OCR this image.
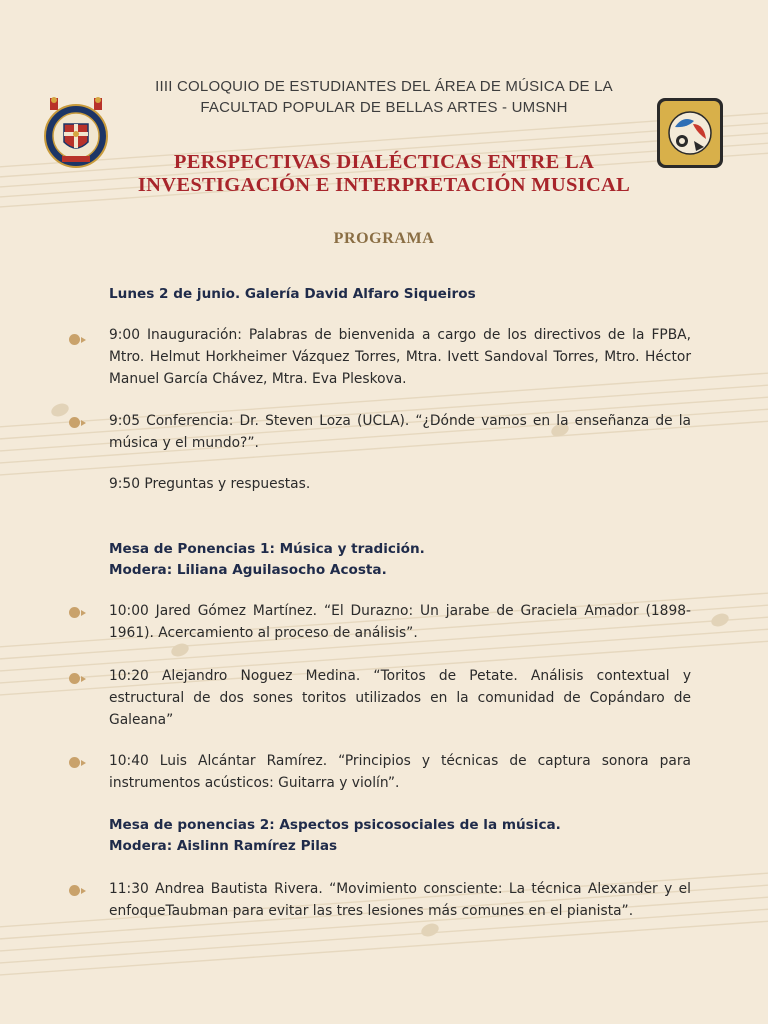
IIII COLOQUIO DE ESTUDIANTES DEL ÁREA DE MÚSICA DE LA
FACULTAD POPULAR DE BELLAS ARTES - UMSNH
PERSPECTIVAS DIALÉCTICAS ENTRE LA
INVESTIGACIÓN E INTERPRETACIÓN MUSICAL
PROGRAMA
Lunes 2 de junio. Galería David Alfaro Siqueiros
9:00 Inauguración: Palabras de bienvenida a cargo de los directivos de la FPBA, Mtro. Helmut Horkheimer Vázquez Torres, Mtra. Ivett Sandoval Torres, Mtro. Héctor Manuel García Chávez, Mtra. Eva Pleskova.
9:05 Conferencia: Dr. Steven Loza (UCLA). “¿Dónde vamos en la enseñanza de la música y el mundo?”.
9:50 Preguntas y respuestas.
Mesa de Ponencias 1: Música y tradición.
Modera: Liliana Aguilasocho Acosta.
10:00 Jared Gómez Martínez. “El Durazno: Un jarabe de Graciela Amador (1898-1961). Acercamiento al proceso de análisis”.
10:20 Alejandro Noguez Medina. “Toritos de Petate. Análisis contextual y estructural de dos sones toritos utilizados en la comunidad de Copándaro de Galeana”
10:40 Luis Alcántar Ramírez. “Principios y técnicas de captura sonora para instrumentos acústicos: Guitarra y violín”.
Mesa de ponencias 2: Aspectos psicosociales de la música.
Modera: Aislinn Ramírez Pilas
11:30 Andrea Bautista Rivera. “Movimiento consciente: La técnica Alexander y el enfoqueTaubman para evitar las tres lesiones más comunes en el pianista”.
